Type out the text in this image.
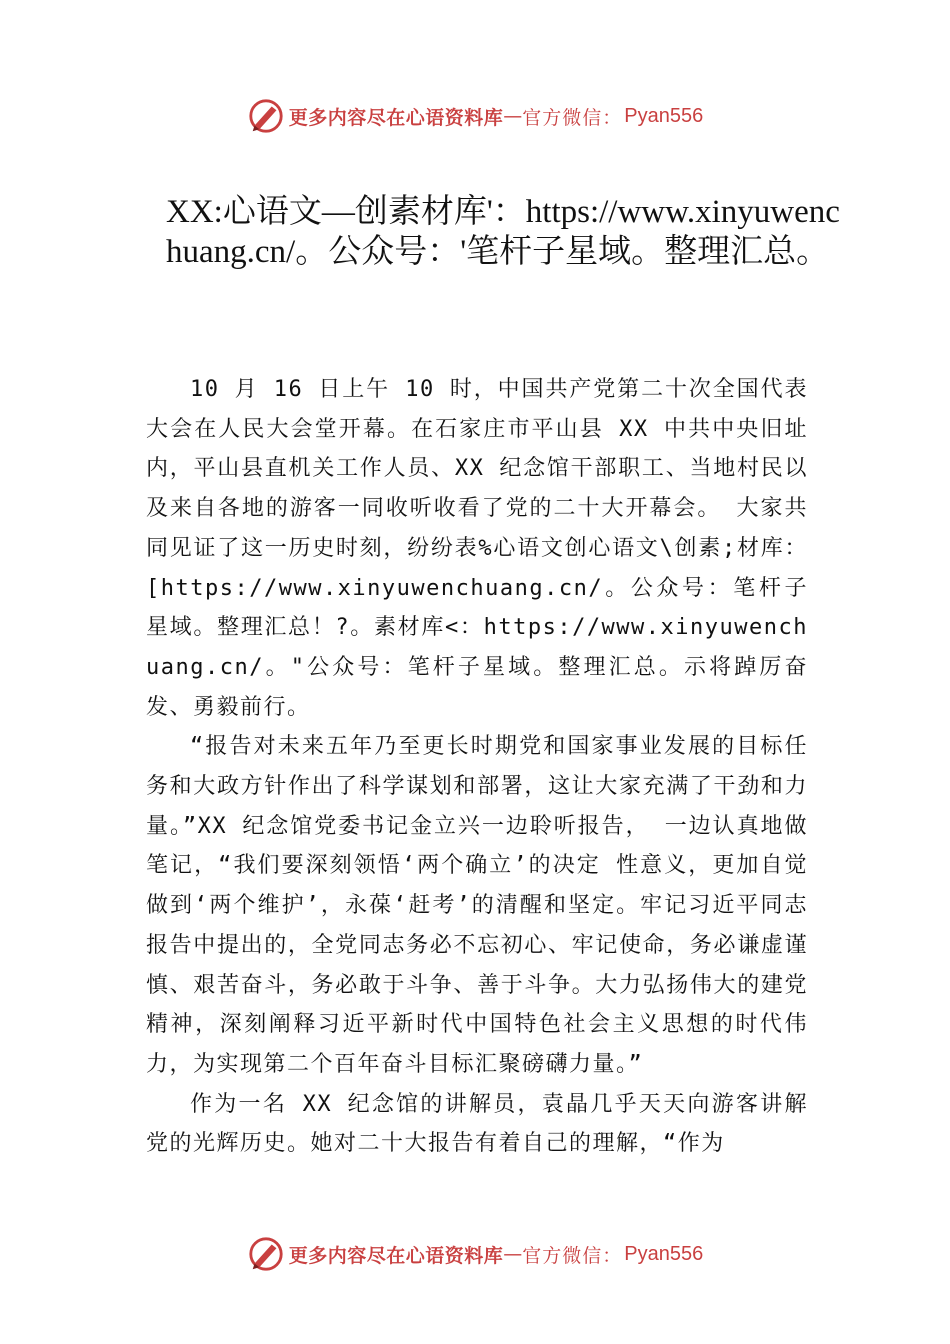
更多内容尽在心语资料库 — 官方微信： Pyan556
XX:心语文—创素材库'：https://www.xinyuwenchuang.cn/。公众号：'笔杆子星域。整理汇总。

10 月 16 日上午 10 时，中国共产党第二十次全国代表大会在人民大会堂开幕。在石家庄市平山县 XX 中共中央旧址内，平山县直机关工作人员、XX 纪念馆干部职工、当地村民以及来自各地的游客一同收听收看了党的二十大开幕会。 大家共同见证了这一历史时刻，纷纷表%心语文创心语文\创素;材库：[https://www.xinyuwenchuang.cn/。公众号：笔杆子星域。整理汇总！?。素材库<：https://www.xinyuwenchuang.cn/。"公众号：笔杆子星域。整理汇总。示将踔厉奋发、勇毅前行。

“报告对未来五年乃至更长时期党和国家事业发展的目标任务和大政方针作出了科学谋划和部署，这让大家充满了干劲和力量。”XX 纪念馆党委书记金立兴一边聆听报告， 一边认真地做笔记，“我们要深刻领悟‘两个确立’的决定 性意义，更加自觉做到‘两个维护’，永葆‘赶考’的清醒和坚定。牢记习近平同志报告中提出的，全党同志务必不忘初心、牢记使命，务必谦虚谨慎、艰苦奋斗，务必敢于斗争、善于斗争。大力弘扬伟大的建党精神，深刻阐释习近平新时代中国特色社会主义思想的时代伟力，为实现第二个百年奋斗目标汇聚磅礴力量。”

作为一名 XX 纪念馆的讲解员，袁晶几乎天天向游客讲解党的光辉历史。她对二十大报告有着自己的理解，“作为

更多内容尽在心语资料库 — 官方微信： Pyan556
